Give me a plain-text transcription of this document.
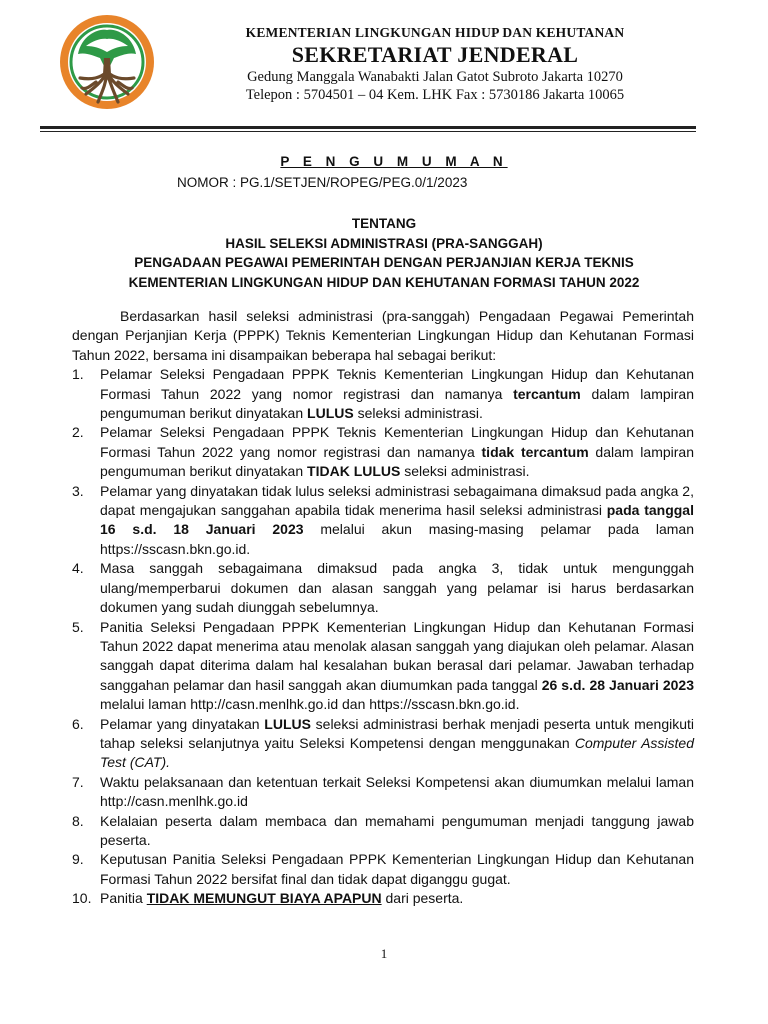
KEMENTERIAN LINGKUNGAN HIDUP DAN KEHUTANAN
SEKRETARIAT JENDERAL
Gedung Manggala Wanabakti Jalan Gatot Subroto Jakarta 10270
Telepon : 5704501 – 04 Kem. LHK Fax : 5730186 Jakarta 10065
P E N G U M U M A N
NOMOR : PG.1/SETJEN/ROPEG/PEG.0/1/2023
TENTANG
HASIL SELEKSI ADMINISTRASI (PRA-SANGGAH)
PENGADAAN PEGAWAI PEMERINTAH DENGAN PERJANJIAN KERJA TEKNIS
KEMENTERIAN LINGKUNGAN HIDUP DAN KEHUTANAN FORMASI TAHUN 2022

Berdasarkan hasil seleksi administrasi (pra-sanggah) Pengadaan Pegawai Pemerintah dengan Perjanjian Kerja (PPPK) Teknis Kementerian Lingkungan Hidup dan Kehutanan Formasi Tahun 2022, bersama ini disampaikan beberapa hal sebagai berikut:

1. Pelamar Seleksi Pengadaan PPPK Teknis Kementerian Lingkungan Hidup dan Kehutanan Formasi Tahun 2022 yang nomor registrasi dan namanya tercantum dalam lampiran pengumuman berikut dinyatakan LULUS seleksi administrasi.
2. Pelamar Seleksi Pengadaan PPPK Teknis Kementerian Lingkungan Hidup dan Kehutanan Formasi Tahun 2022 yang nomor registrasi dan namanya tidak tercantum dalam lampiran pengumuman berikut dinyatakan TIDAK LULUS seleksi administrasi.
3. Pelamar yang dinyatakan tidak lulus seleksi administrasi sebagaimana dimaksud pada angka 2, dapat mengajukan sanggahan apabila tidak menerima hasil seleksi administrasi pada tanggal 16 s.d. 18 Januari 2023 melalui akun masing-masing pelamar pada laman https://sscasn.bkn.go.id.
4. Masa sanggah sebagaimana dimaksud pada angka 3, tidak untuk mengunggah ulang/memperbarui dokumen dan alasan sanggah yang pelamar isi harus berdasarkan dokumen yang sudah diunggah sebelumnya.
5. Panitia Seleksi Pengadaan PPPK Kementerian Lingkungan Hidup dan Kehutanan Formasi Tahun 2022 dapat menerima atau menolak alasan sanggah yang diajukan oleh pelamar. Alasan sanggah dapat diterima dalam hal kesalahan bukan berasal dari pelamar. Jawaban terhadap sanggahan pelamar dan hasil sanggah akan diumumkan pada tanggal 26 s.d. 28 Januari 2023 melalui laman http://casn.menlhk.go.id dan https://sscasn.bkn.go.id.
6. Pelamar yang dinyatakan LULUS seleksi administrasi berhak menjadi peserta untuk mengikuti tahap seleksi selanjutnya yaitu Seleksi Kompetensi dengan menggunakan Computer Assisted Test (CAT).
7. Waktu pelaksanaan dan ketentuan terkait Seleksi Kompetensi akan diumumkan melalui laman http://casn.menlhk.go.id
8. Kelalaian peserta dalam membaca dan memahami pengumuman menjadi tanggung jawab peserta.
9. Keputusan Panitia Seleksi Pengadaan PPPK Kementerian Lingkungan Hidup dan Kehutanan Formasi Tahun 2022 bersifat final dan tidak dapat diganggu gugat.
10. Panitia TIDAK MEMUNGUT BIAYA APAPUN dari peserta.
1
